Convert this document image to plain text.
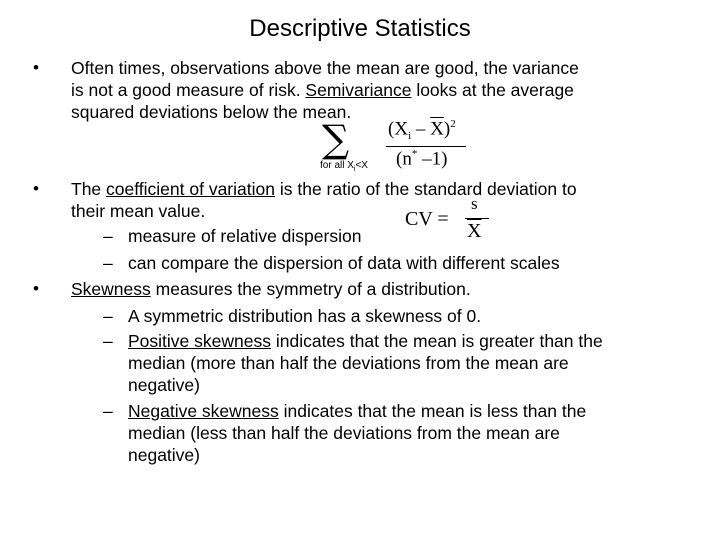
Descriptive Statistics
• Often times, observations above the mean are good, the variance
is not a good measure of risk. Semivariance looks at the average
squared deviations below the mean.
∑
for all $X_i<X$
$(X_i - \overline{X})^2$
(n* –1)
• The coefficient of variation is the ratio of the standard deviation to
their mean value.
– measure of relative dispersion
– can compare the dispersion of data with different scales
CV =
s
$\overline{X}$
• Skewness measures the symmetry of a distribution.
– A symmetric distribution has a skewness of 0.
– Positive skewness indicates that the mean is greater than the
median (more than half the deviations from the mean are
negative)
– Negative skewness indicates that the mean is less than the
median (less than half the deviations from the mean are
negative)
